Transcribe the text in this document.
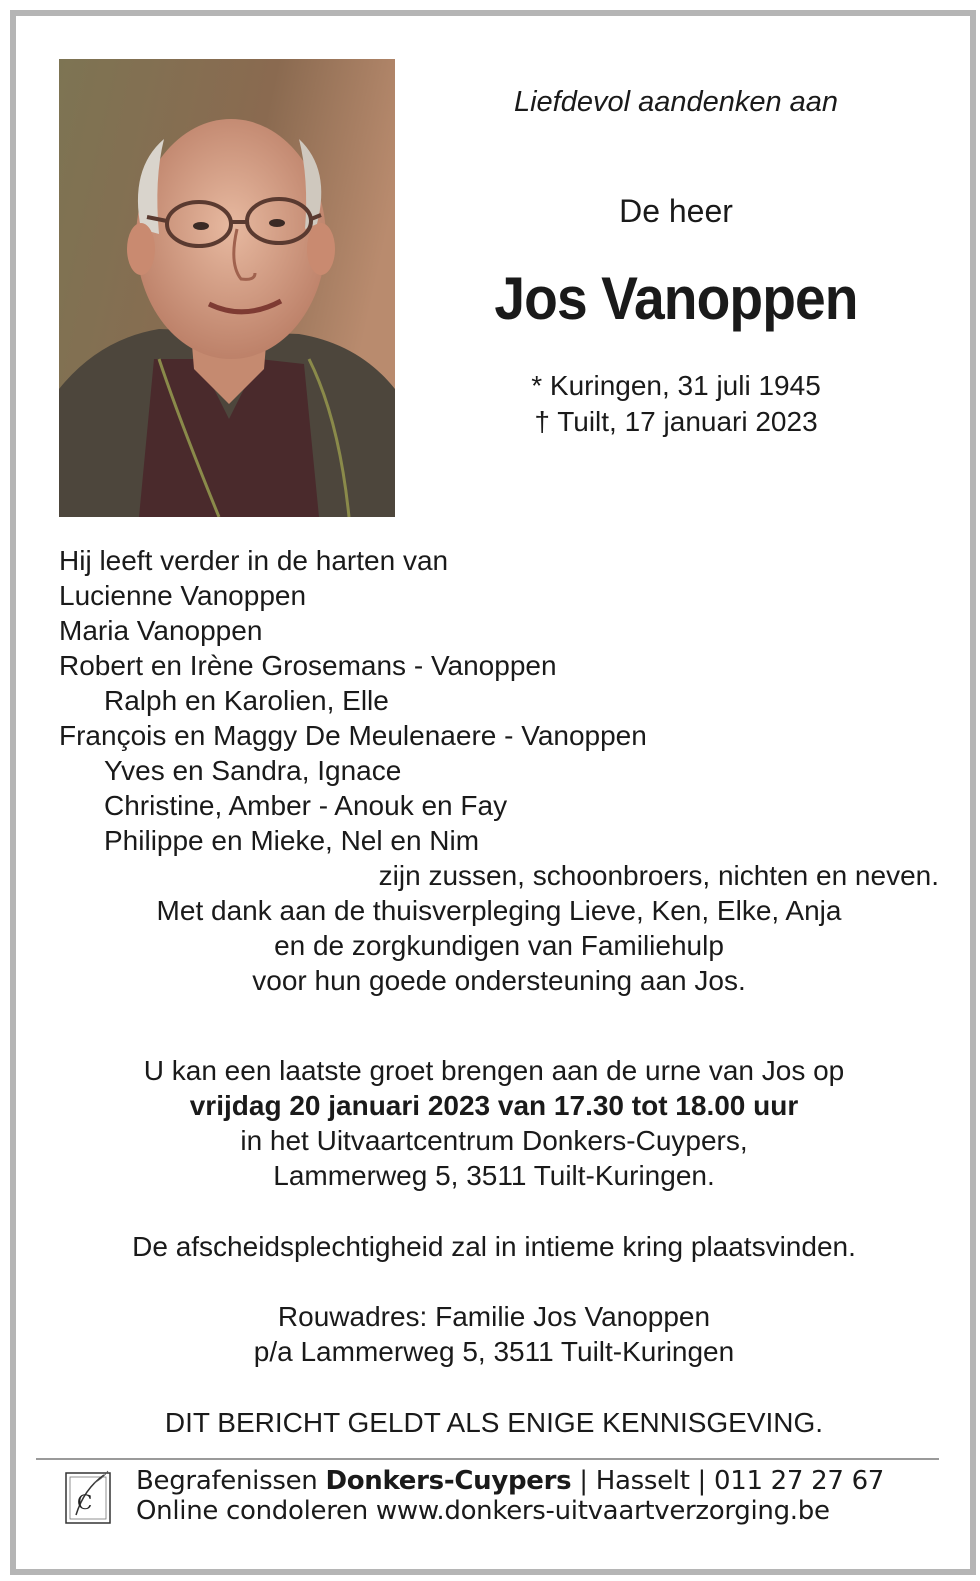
Liefdevol aandenken aan

De heer

Jos Vanoppen
* Kuringen, 31 juli 1945
† Tuilt, 17 januari 2023
Hij leeft verder in de harten van
Lucienne Vanoppen
Maria Vanoppen
Robert en Irène Grosemans - Vanoppen
Ralph en Karolien, Elle
François en Maggy De Meulenaere - Vanoppen
Yves en Sandra, Ignace
Christine, Amber - Anouk en Fay
Philippe en Mieke, Nel en Nim
zijn zussen, schoonbroers, nichten en neven.
Met dank aan de thuisverpleging Lieve, Ken, Elke, Anja
en de zorgkundigen van Familiehulp
voor hun goede ondersteuning aan Jos.
U kan een laatste groet brengen aan de urne van Jos op
vrijdag 20 januari 2023 van 17.30 tot 18.00 uur
in het Uitvaartcentrum Donkers-Cuypers,
Lammerweg 5, 3511 Tuilt-Kuringen.
De afscheidsplechtigheid zal in intieme kring plaatsvinden.
Rouwadres: Familie Jos Vanoppen
p/a Lammerweg 5, 3511 Tuilt-Kuringen
DIT BERICHT GELDT ALS ENIGE KENNISGEVING.
C
Begrafenissen Donkers-Cuypers | Hasselt | 011 27 27 67
Online condoleren www.donkers-uitvaartverzorging.be
